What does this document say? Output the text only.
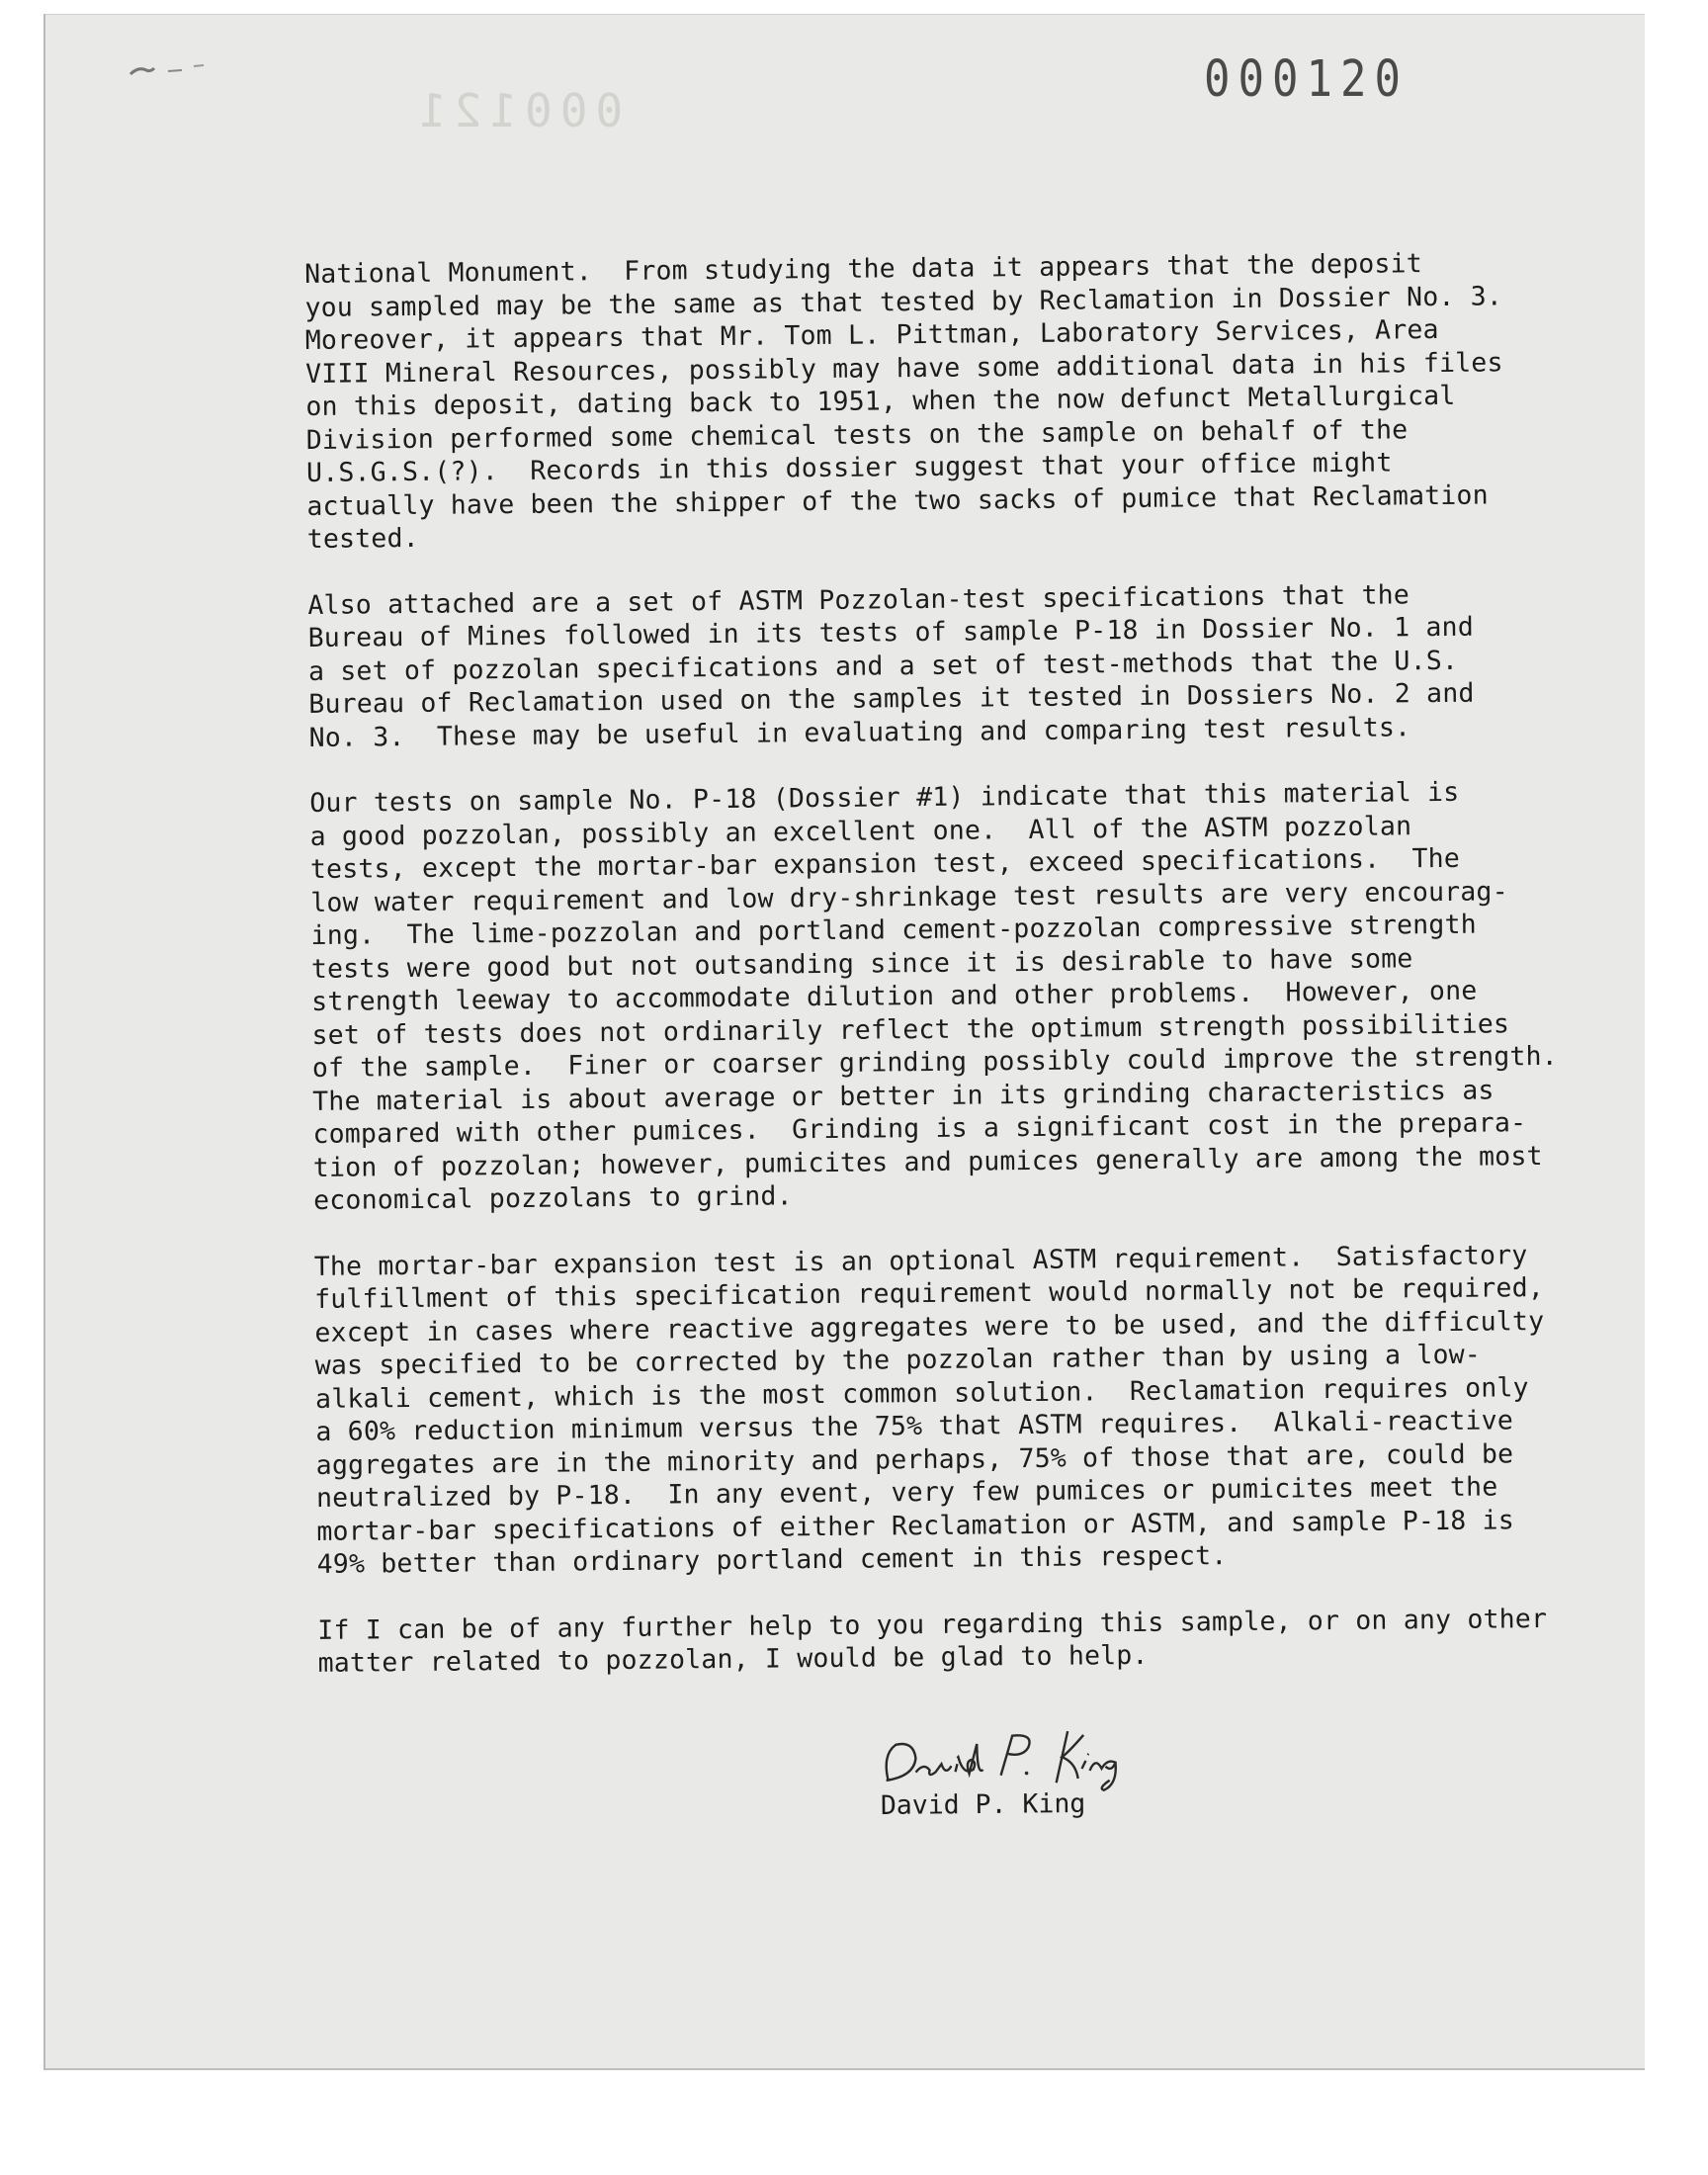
000121
000120
National Monument.  From studying the data it appears that the deposit
you sampled may be the same as that tested by Reclamation in Dossier No. 3.
Moreover, it appears that Mr. Tom L. Pittman, Laboratory Services, Area
VIII Mineral Resources, possibly may have some additional data in his files
on this deposit, dating back to 1951, when the now defunct Metallurgical
Division performed some chemical tests on the sample on behalf of the
U.S.G.S.(?).  Records in this dossier suggest that your office might
actually have been the shipper of the two sacks of pumice that Reclamation
tested.
Also attached are a set of ASTM Pozzolan-test specifications that the
Bureau of Mines followed in its tests of sample P-18 in Dossier No. 1 and
a set of pozzolan specifications and a set of test-methods that the U.S.
Bureau of Reclamation used on the samples it tested in Dossiers No. 2 and
No. 3.  These may be useful in evaluating and comparing test results.
Our tests on sample No. P-18 (Dossier #1) indicate that this material is
a good pozzolan, possibly an excellent one.  All of the ASTM pozzolan
tests, except the mortar-bar expansion test, exceed specifications.  The
low water requirement and low dry-shrinkage test results are very encourag-
ing.  The lime-pozzolan and portland cement-pozzolan compressive strength
tests were good but not outsanding since it is desirable to have some
strength leeway to accommodate dilution and other problems.  However, one
set of tests does not ordinarily reflect the optimum strength possibilities
of the sample.  Finer or coarser grinding possibly could improve the strength.
The material is about average or better in its grinding characteristics as
compared with other pumices.  Grinding is a significant cost in the prepara-
tion of pozzolan; however, pumicites and pumices generally are among the most
economical pozzolans to grind.
The mortar-bar expansion test is an optional ASTM requirement.  Satisfactory
fulfillment of this specification requirement would normally not be required,
except in cases where reactive aggregates were to be used, and the difficulty
was specified to be corrected by the pozzolan rather than by using a low-
alkali cement, which is the most common solution.  Reclamation requires only
a 60% reduction minimum versus the 75% that ASTM requires.  Alkali-reactive
aggregates are in the minority and perhaps, 75% of those that are, could be
neutralized by P-18.  In any event, very few pumices or pumicites meet the
mortar-bar specifications of either Reclamation or ASTM, and sample P-18 is
49% better than ordinary portland cement in this respect.
If I can be of any further help to you regarding this sample, or on any other
matter related to pozzolan, I would be glad to help.
David P. King
